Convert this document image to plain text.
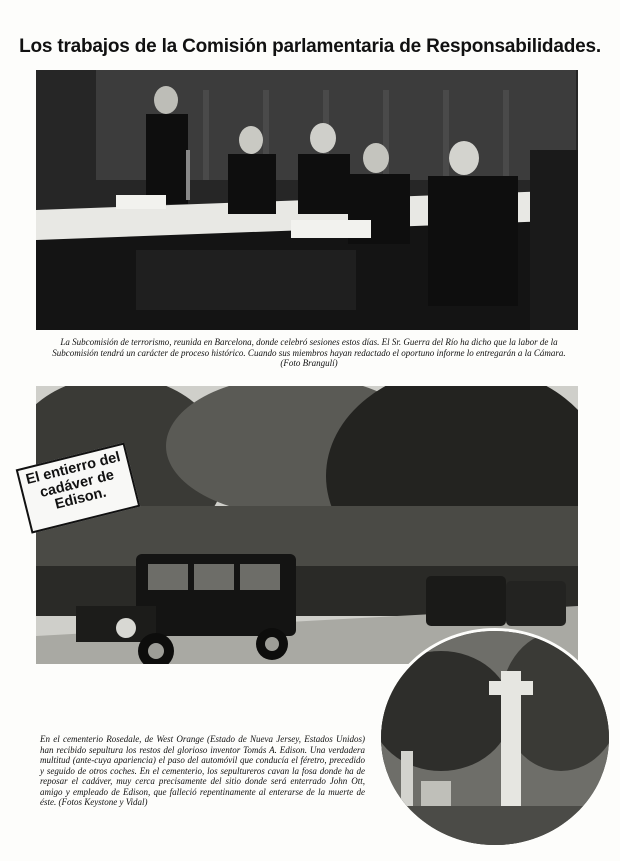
Los trabajos de la Comisión parlamentaria de Responsabilidades.
La Subcomisión de terrorismo, reunida en Barcelona, donde celebró sesiones estos días. El Sr. Guerra del Río ha dicho que la labor de la Subcomisión tendrá un carácter de proceso histórico. Cuando sus miembros hayan redactado el oportuno informe lo entregarán a la Cámara. (Foto Brangulí)
El entierro del cadáver de Edison.
En el cementerio Rosedale, de West Orange (Estado de Nueva Jersey, Estados Unidos) han recibido sepultura los restos del glorioso inventor Tomás A. Edison. Una verdadera multitud (ante-cuya apariencia) el paso del automóvil que conducía el féretro, precedido y seguido de otros coches. En el cementerio, los sepultureros cavan la fosa donde ha de reposar el cadáver, muy cerca precisamente del sitio donde será enterrado John Ott, amigo y empleado de Edison, que falleció repentinamente al enterarse de la muerte de éste. (Fotos Keystone y Vidal)
